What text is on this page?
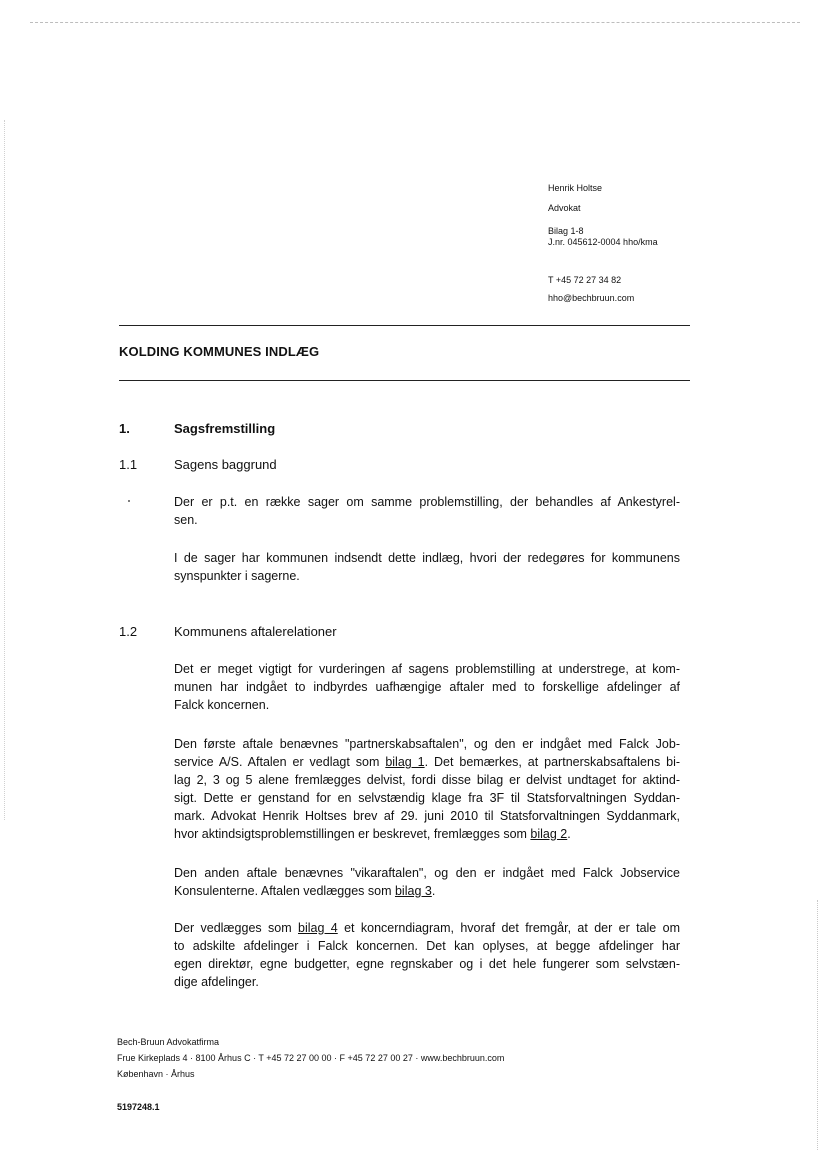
Henrik Holtse
Advokat
Bilag 1-8
J.nr. 045612-0004 hho/kma
T +45 72 27 34 82
hho@bechbruun.com
KOLDING KOMMUNES INDLÆG
1.	Sagsfremstilling
1.1	Sagens baggrund
Der er p.t. en række sager om samme problemstilling, der behandles af Ankestyrel-
sen.
I de sager har kommunen indsendt dette indlæg, hvori der redegøres for kommunens
synspunkter i sagerne.
1.2	Kommunens aftalerelationer
Det er meget vigtigt for vurderingen af sagens problemstilling at understrege, at kom-
munen har indgået to indbyrdes uafhængige aftaler med to forskellige afdelinger af
Falck koncernen.
Den første aftale benævnes "partnerskabsaftalen", og den er indgået med Falck Job-
service A/S. Aftalen er vedlagt som bilag 1. Det bemærkes, at partnerskabsaftalens bi-
lag 2, 3 og 5 alene fremlægges delvist, fordi disse bilag er delvist undtaget for aktind-
sigt. Dette er genstand for en selvstændig klage fra 3F til Statsforvaltningen Syddan-
mark. Advokat Henrik Holtses brev af 29. juni 2010 til Statsforvaltningen Syddanmark,
hvor aktindsigtsproblemstillingen er beskrevet, fremlægges som bilag 2.
Den anden aftale benævnes "vikaraftalen", og den er indgået med Falck Jobservice
Konsulenterne. Aftalen vedlægges som bilag 3.
Der vedlægges som bilag 4 et koncerndiagram, hvoraf det fremgår, at der er tale om
to adskilte afdelinger i Falck koncernen. Det kan oplyses, at begge afdelinger har
egen direktør, egne budgetter, egne regnskaber og i det hele fungerer som selvstæn-
dige afdelinger.
Bech-Bruun Advokatfirma
Frue Kirkeplads 4 · 8100 Århus C · T +45 72 27 00 00 · F +45 72 27 00 27 · www.bechbruun.com
København · Århus
5197248.1
